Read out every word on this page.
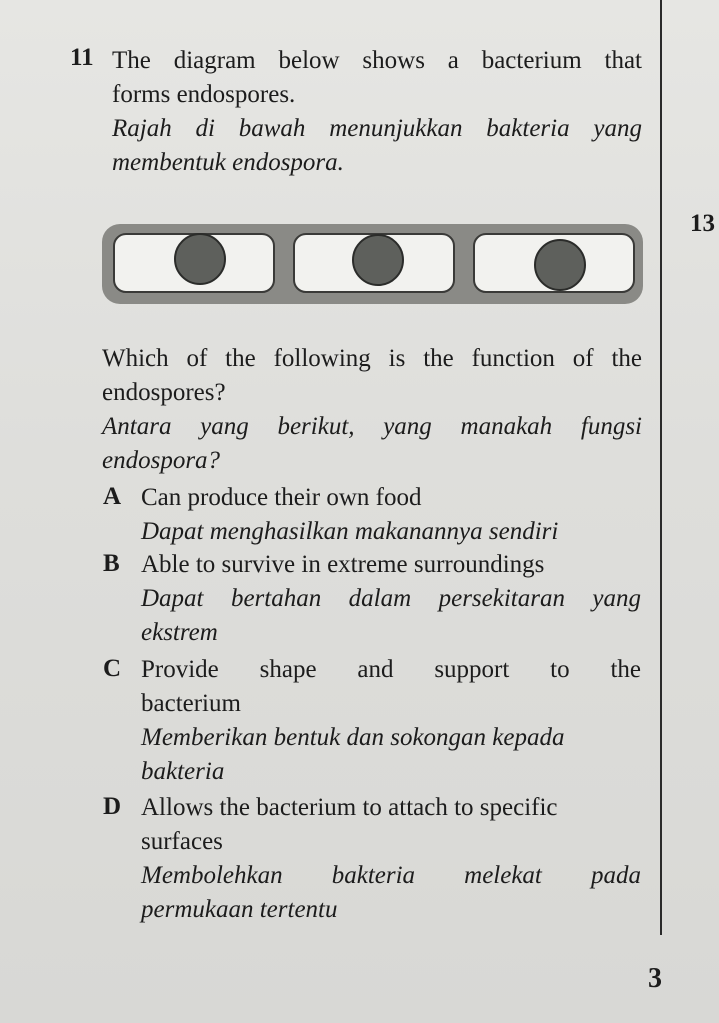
11 The diagram below shows a bacterium that
forms endospores.
Rajah di bawah menunjukkan bakteria yang
membentuk endospora.
13
Which of the following is the function of the
endospores?
Antara yang berikut, yang manakah fungsi
endospora?
A Can produce their own food
Dapat menghasilkan makanannya sendiri
B Able to survive in extreme surroundings
Dapat bertahan dalam persekitaran yang
ekstrem
C Provide shape and support to the
bacterium
Memberikan bentuk dan sokongan kepada
bakteria
D Allows the bacterium to attach to specific
surfaces
Membolehkan bakteria melekat pada
permukaan tertentu
3
